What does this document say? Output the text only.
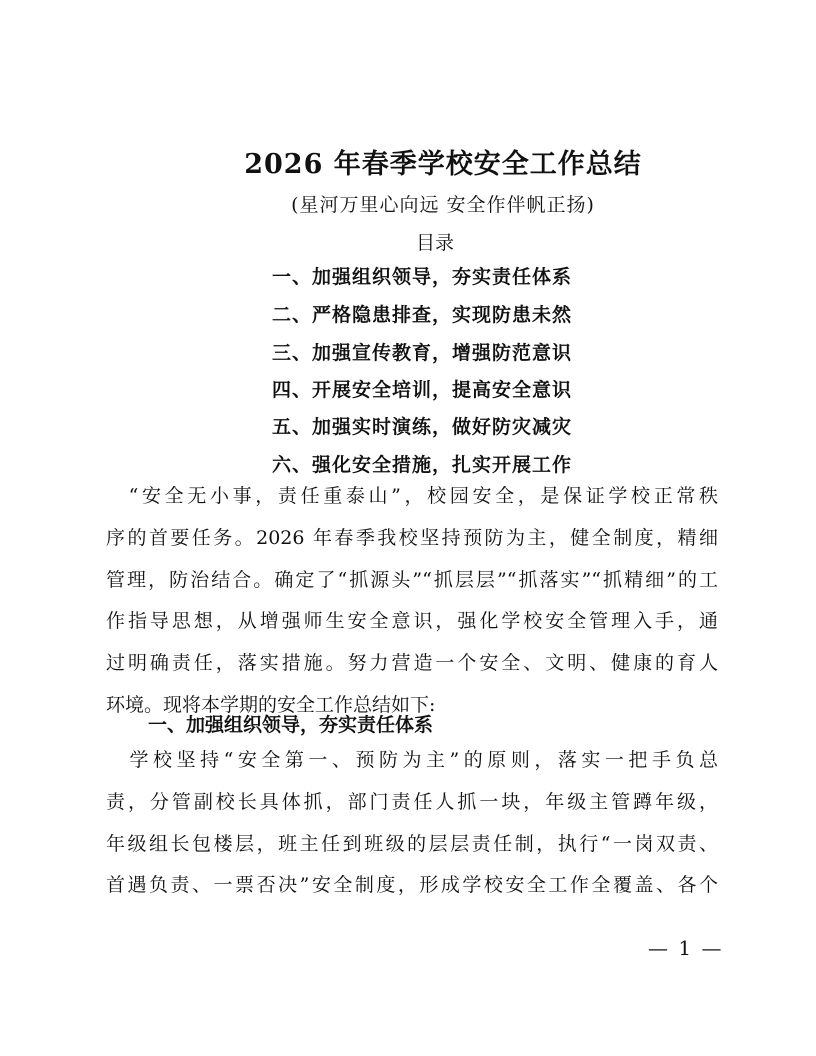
2026 年春季学校安全工作总结
(星河万里心向远 安全作伴帆正扬)
目录
一、加强组织领导，夯实责任体系
二、严格隐患排查，实现防患未然
三、加强宣传教育，增强防范意识
四、开展安全培训，提高安全意识
五、加强实时演练，做好防灾减灾
六、强化安全措施，扎实开展工作
　“安全无小事，责任重泰山”，校园安全，是保证学校正常秩
序的首要任务。2026 年春季我校坚持预防为主，健全制度，精细
管理，防治结合。确定了“抓源头”“抓层层”“抓落实”“抓精细”的工
作指导思想，从增强师生安全意识，强化学校安全管理入手，通
过明确责任，落实措施。努力营造一个安全、文明、健康的育人
环境。现将本学期的安全工作总结如下:
一、加强组织领导，夯实责任体系
　学校坚持“安全第一、预防为主”的原则，落实一把手负总
责，分管副校长具体抓，部门责任人抓一块，年级主管蹲年级，
年级组长包楼层，班主任到班级的层层责任制，执行“一岗双责、
首遇负责、一票否决”安全制度，形成学校安全工作全覆盖、各个
— 1 —
